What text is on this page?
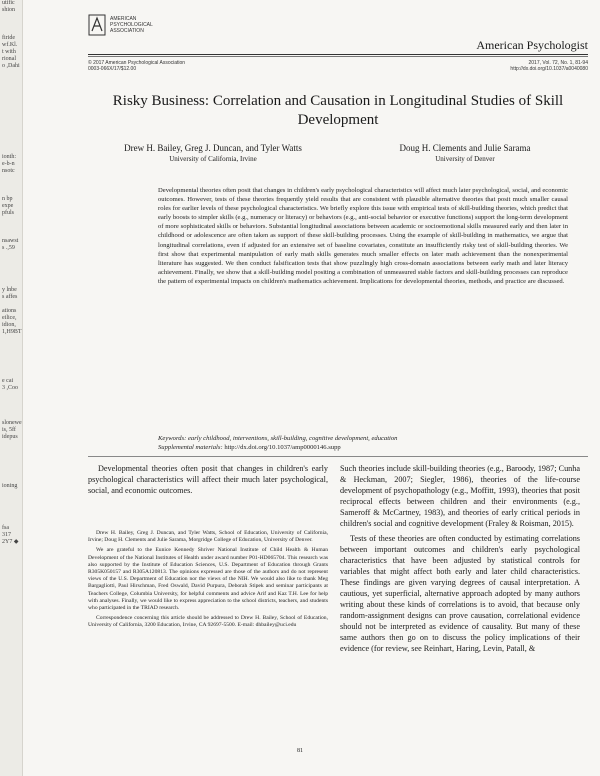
utific
shion

firide
wf.Kl.
t with
rional
o ,Dahi

ionth:
e-b-n
nsotc

n bp
expe
pfuls

nsawst
s .,59

y lnbe
s affes

ations
eilice,
idion,
1,H9BT

e cai
3 ,Coo

slonewe
is, 5ff
idepus

ioning

fsa
317
2Y7 ◆
AMERICAN
PSYCHOLOGICAL
ASSOCIATION
American Psychologist
© 2017 American Psychological Association
0003-066X/17/$12.00
2017, Vol. 72, No. 1, 81-94
http://dx.doi.org/10.1037/a0040080
Risky Business: Correlation and Causation in Longitudinal Studies of Skill Development
Drew H. Bailey, Greg J. Duncan, and Tyler Watts
University of California, Irvine
Doug H. Clements and Julie Sarama
University of Denver
Developmental theories often posit that changes in children's early psychological characteristics will affect much later psychological, social, and economic outcomes. However, tests of these theories frequently yield results that are consistent with plausible alternative theories that posit much smaller causal roles for earlier levels of these psychological characteristics. We briefly explore this issue with empirical tests of skill-building theories, which predict that early boosts to simpler skills (e.g., numeracy or literacy) or behaviors (e.g., anti-social behavior or executive functions) support the long-term development of more sophisticated skills or behaviors. Substantial longitudinal associations between academic or socioemotional skills measured early and then later in childhood or adolescence are often taken as support of these skill-building processes. Using the example of skill-building in mathematics, we argue that longitudinal correlations, even if adjusted for an extensive set of baseline covariates, constitute an insufficiently risky test of skill-building theories. We first show that experimental manipulation of early math skills generates much smaller effects on later math achievement than the nonexperimental literature has suggested. We then conduct falsification tests that show puzzlingly high cross-domain associations between early math and later literacy achievement. Finally, we show that a skill-building model positing a combination of unmeasured stable factors and skill-building processes can reproduce the pattern of experimental impacts on children's mathematics achievement. Implications for developmental theories, methods, and practice are discussed.
Keywords: early childhood, interventions, skill-building, cognitive development, education
Supplemental materials: http://dx.doi.org/10.1037/amp0000146.supp

Developmental theories often posit that changes in children's early psychological characteristics will affect their much later psychological, social, and economic outcomes.

Drew H. Bailey, Greg J. Duncan, and Tyler Watts, School of Education, University of California, Irvine; Doug H. Clements and Julie Sarama, Morgridge College of Education, University of Denver.

We are grateful to the Eunice Kennedy Shriver National Institute of Child Health & Human Development of the National Institutes of Health under award number P01-HD065704. This research was also supported by the Institute of Education Sciences, U.S. Department of Education through Grants R305K050157 and R305A120813. The opinions expressed are those of the authors and do not represent views of the U.S. Department of Education nor the views of the NIH. We would also like to thank Meg Bargagliotti, Paul Hirschman, Fred Oswald, David Purpura, Deborah Stipek and seminar participants at Teachers College, Columbia University, for helpful comments and advice Arif and Kaz T.H. Lee for help with analyses. Finally, we would like to express appreciation to the school districts, teachers, and students who participated in the TRIAD research.

Correspondence concerning this article should be addressed to Drew H. Bailey, School of Education, University of California, 3200 Education, Irvine, CA 92697-5500. E-mail: dhbailey@uci.edu

Such theories include skill-building theories (e.g., Baroody, 1987; Cunha & Heckman, 2007; Siegler, 1986), theories of the life-course development of psychopathology (e.g., Moffitt, 1993), theories that posit reciprocal effects between children and their environments (e.g., Sameroff & McCartney, 1983), and theories of early critical periods in children's social and cognitive development (Fraley & Roisman, 2015).

Tests of these theories are often conducted by estimating correlations between important outcomes and children's early psychological characteristics that have been adjusted by statistical controls for variables that might affect both early and later child characteristics. These findings are given varying degrees of causal interpretation. A cautious, yet superficial, alternative approach adopted by many authors writing about these kinds of correlations is to avoid, that because only random-assignment designs can prove causation, correlational evidence should not be interpreted as evidence of causality. But many of these same authors then go on to discuss the policy implications of their evidence (for review, see Reinhart, Haring, Levin, Patall, &

81
